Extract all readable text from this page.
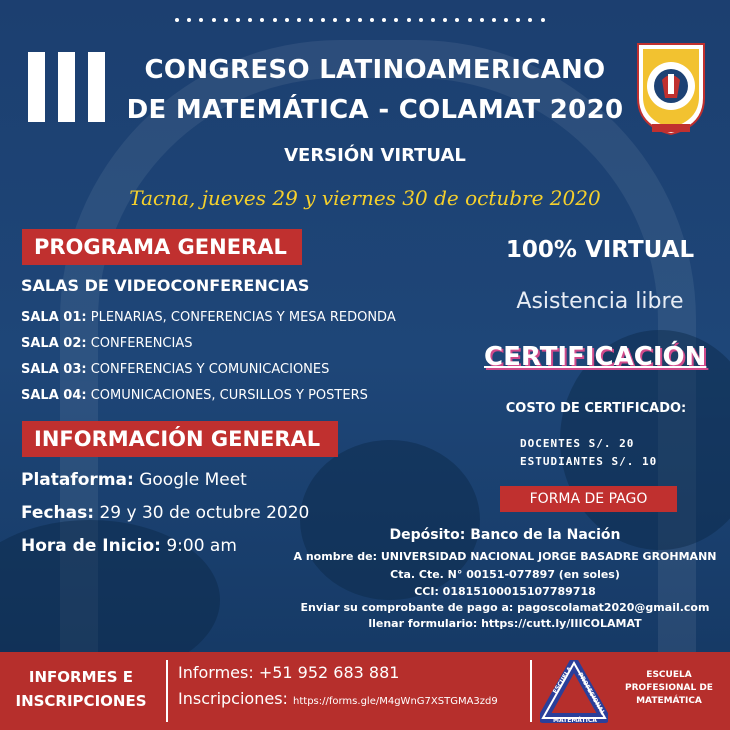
CONGRESO LATINOAMERICANO
DE MATEMÁTICA - COLAMAT 2020
VERSIÓN VIRTUAL
Tacna, jueves 29 y viernes 30 de octubre 2020
PROGRAMA GENERAL
SALAS DE VIDEOCONFERENCIAS
SALA 01: PLENARIAS, CONFERENCIAS Y MESA REDONDA
SALA 02: CONFERENCIAS
SALA 03: CONFERENCIAS Y COMUNICACIONES
SALA 04: COMUNICACIONES, CURSILLOS Y POSTERS
INFORMACIÓN GENERAL
Plataforma: Google Meet
Fechas: 29 y 30 de octubre 2020
Hora de Inicio: 9:00 am
100% VIRTUAL
Asistencia libre
CERTIFICACIÓN
COSTO DE CERTIFICADO:
DOCENTES S/. 20
ESTUDIANTES S/. 10
FORMA DE PAGO
Depósito: Banco de la Nación
A nombre de: UNIVERSIDAD NACIONAL JORGE BASADRE GROHMANN
Cta. Cte. N° 00151-077897 (en soles)
CCI: 01815100015107789718
Enviar su comprobante de pago a: pagoscolamat2020@gmail.com
llenar formulario: https://cutt.ly/IIICOLAMAT
INFORMES E
INSCRIPCIONES
Informes: +51 952 683 881
Inscripciones: https://forms.gle/M4gWnG7XSTGMA3zd9
ESCUELA PROFESIONAL
MATEMÁTICA
ESCUELA
PROFESIONAL DE
MATEMÁTICA
